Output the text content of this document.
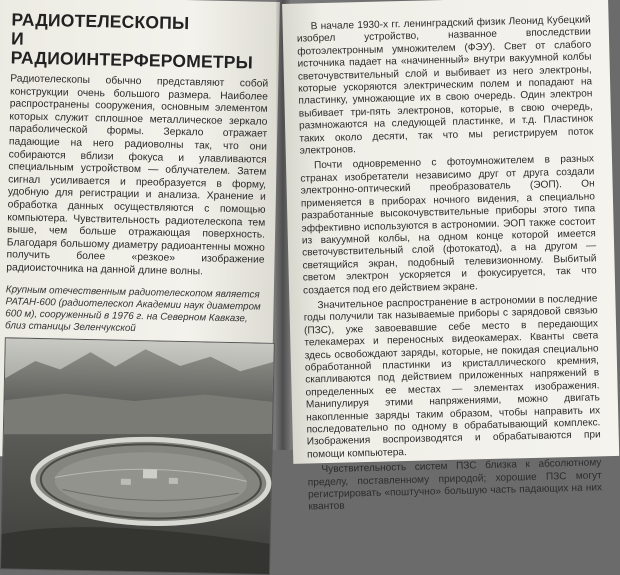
РАДИОТЕЛЕСКОПЫ
И РАДИОИНТЕРФЕРОМЕТРЫ

Радиотелескопы обычно представляют собой конструкции очень большого размера. Наиболее распространены сооружения, основным элементом которых служит сплошное металлическое зеркало параболической формы. Зеркало отражает падающие на него радиоволны так, что они собираются вблизи фокуса и улавливаются специальным устройством — облучателем. Затем сигнал усиливается и преобразуется в форму, удобную для регистрации и анализа. Хранение и обработка данных осуществляются с помощью компьютера. Чувствительность радиотелескопа тем выше, чем больше отражающая поверхность. Благодаря большому диаметру радиоантенны можно получить более «резкое» изображение радиоисточника на данной длине волны.

Крупным отечественным радиотелескопом является РАТАН-600 (радиотелескоп Академии наук диаметром 600 м), сооруженный в 1976 г. на Северном Кавказе, близ станицы Зеленчукской

В начале 1930-х гг. ленинградский физик Леонид Кубецкий изобрел устройство, названное впоследствии фотоэлектронным умножителем (ФЭУ). Свет от слабого источника падает на «начиненный» внутри вакуумной колбы светочувствительный слой и выбивает из него электроны, которые ускоряются электрическим полем и попадают на пластинку, умножающие их в свою очередь. Один электрон выбивает три-пять электронов, которые, в свою очередь, размножаются на следующей пластинке, и т.д. Пластинок таких около десяти, так что мы регистрируем поток электронов.

Почти одновременно с фотоумножителем в разных странах изобретатели независимо друг от друга создали электронно-оптический преобразователь (ЭОП). Он применяется в приборах ночного видения, а специально разработанные высокочувствительные приборы этого типа эффективно используются в астрономии. ЭОП также состоит из вакуумной колбы, на одном конце которой имеется светочувствительный слой (фотокатод), а на другом — светящийся экран, подобный телевизионному. Выбитый светом электрон ускоряется и фокусируется, так что создается под его действием экране.

Значительное распространение в астрономии в последние годы получили так называемые приборы с зарядовой связью (ПЗС), уже завоевавшие себе место в передающих телекамерах и переносных видеокамерах. Кванты света здесь освобождают заряды, которые, не покидая специально обработанной пластинки из кристаллического кремния, скапливаются под действием приложенных напряжений в определенных ее местах — элементах изображения. Манипулируя этими напряжениями, можно двигать накопленные заряды таким образом, чтобы направить их последовательно по одному в обрабатывающий комплекс. Изображения воспроизводятся и обрабатываются при помощи компьютера.

Чувствительность систем ПЗС близка к абсолютному пределу, поставленному природой; хорошие ПЗС могут регистрировать «поштучно» большую часть падающих на них квантов
